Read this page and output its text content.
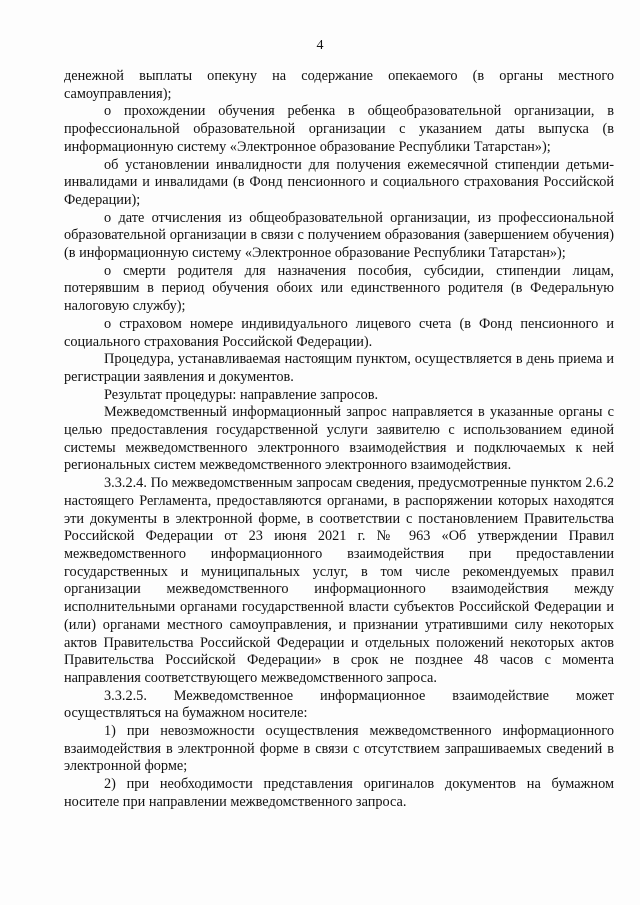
4

денежной выплаты опекуну на содержание опекаемого (в органы местного самоуправления);

о прохождении обучения ребенка в общеобразовательной организации, в профессиональной образовательной организации с указанием даты выпуска (в информационную систему «Электронное образование Республики Татарстан»);

об установлении инвалидности для получения ежемесячной стипендии детьми-инвалидами и инвалидами (в Фонд пенсионного и социального страхования Российской Федерации);

о дате отчисления из общеобразовательной организации, из профессиональной образовательной организации в связи с получением образования (завершением обучения) (в информационную систему «Электронное образование Республики Татарстан»);

о смерти родителя для назначения пособия, субсидии, стипендии лицам, потерявшим в период обучения обоих или единственного родителя (в Федеральную налоговую службу);

о страховом номере индивидуального лицевого счета (в Фонд пенсионного и социального страхования Российской Федерации).

Процедура, устанавливаемая настоящим пунктом, осуществляется в день приема и регистрации заявления и документов.

Результат процедуры: направление запросов.

Межведомственный информационный запрос направляется в указанные органы с целью предоставления государственной услуги заявителю с использованием единой системы межведомственного электронного взаимодействия и подключаемых к ней региональных систем межведомственного электронного взаимодействия.

3.3.2.4. По межведомственным запросам сведения, предусмотренные пунктом 2.6.2 настоящего Регламента, предоставляются органами, в распоряжении которых находятся эти документы в электронной форме, в соответствии с постановлением Правительства Российской Федерации от 23 июня 2021 г. № 963 «Об утверждении Правил межведомственного информационного взаимодействия при предоставлении государственных и муниципальных услуг, в том числе рекомендуемых правил организации межведомственного информационного взаимодействия между исполнительными органами государственной власти субъектов Российской Федерации и (или) органами местного самоуправления, и признании утратившими силу некоторых актов Правительства Российской Федерации и отдельных положений некоторых актов Правительства Российской Федерации» в срок не позднее 48 часов с момента направления соответствующего межведомственного запроса.

3.3.2.5. Межведомственное информационное взаимодействие может осуществляться на бумажном носителе:

1) при невозможности осуществления межведомственного информационного взаимодействия в электронной форме в связи с отсутствием запрашиваемых сведений в электронной форме;

2) при необходимости представления оригиналов документов на бумажном носителе при направлении межведомственного запроса.
